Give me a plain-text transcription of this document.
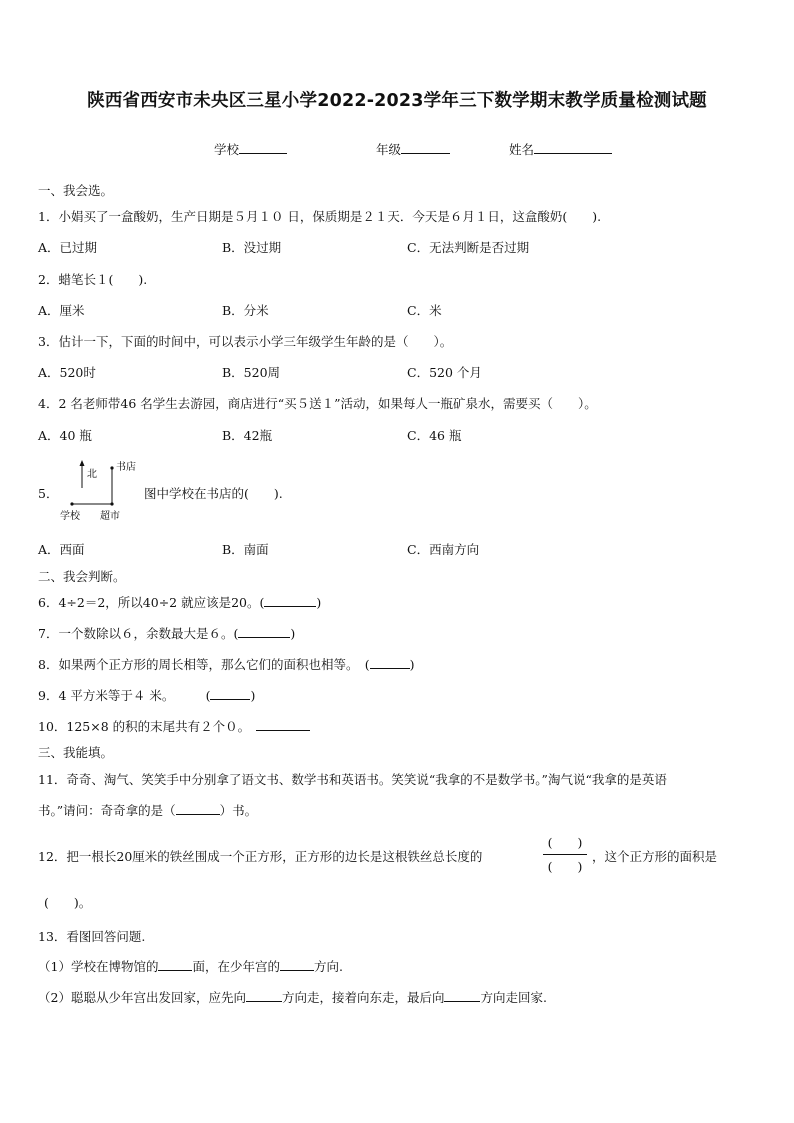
陕西省西安市未央区三星小学2022-2023学年三下数学期末教学质量检测试题
学校	年级	姓名
一、我会选。
1．小娟买了一盒酸奶，生产日期是５月１０ 日，保质期是２１天．今天是６月１日，这盒酸奶(　　).
A．已过期	B．没过期	C．无法判断是否过期
2．蜡笔长１(　　).
A．厘米	B．分米	C．米
3．估计一下，下面的时间中，可以表示小学三年级学生年龄的是（　　）。
A．520时	B．520周	C．520 个月
4．2 名老师带46 名学生去游园，商店进行“买５送１”活动，如果每人一瓶矿泉水，需要买（　　）。
A．40 瓶	B．42瓶	C．46 瓶
5．
北
书店
学校 超市
图中学校在书店的(　　).
A．西面	B．南面	C．西南方向
二、我会判断。
6．4÷2＝2，所以40÷2 就应该是20。(	)
7．一个数除以６，余数最大是６。(	)
8．如果两个正方形的周长相等，那么它们的面积也相等。　(	)
9．4 平方米等于４ 米。　　　(	)
10．125×8 的积的末尾共有２个０。
三、我能填。
11．奇奇、淘气、笑笑手中分别拿了语文书、数学书和英语书。笑笑说“我拿的不是数学书。”淘气说“我拿的是英语
书。”请问：奇奇拿的是（	）书。
12．把一根长20厘米的铁丝围成一个正方形，正方形的边长是这根铁丝总长度的
(　　)
(　　)
，这个正方形的面积是
(　　)。
13．看图回答问题.
（1）学校在博物馆的	面，在少年宫的	方向.
（2）聪聪从少年宫出发回家，应先向	方向走，接着向东走，最后向	方向走回家.
